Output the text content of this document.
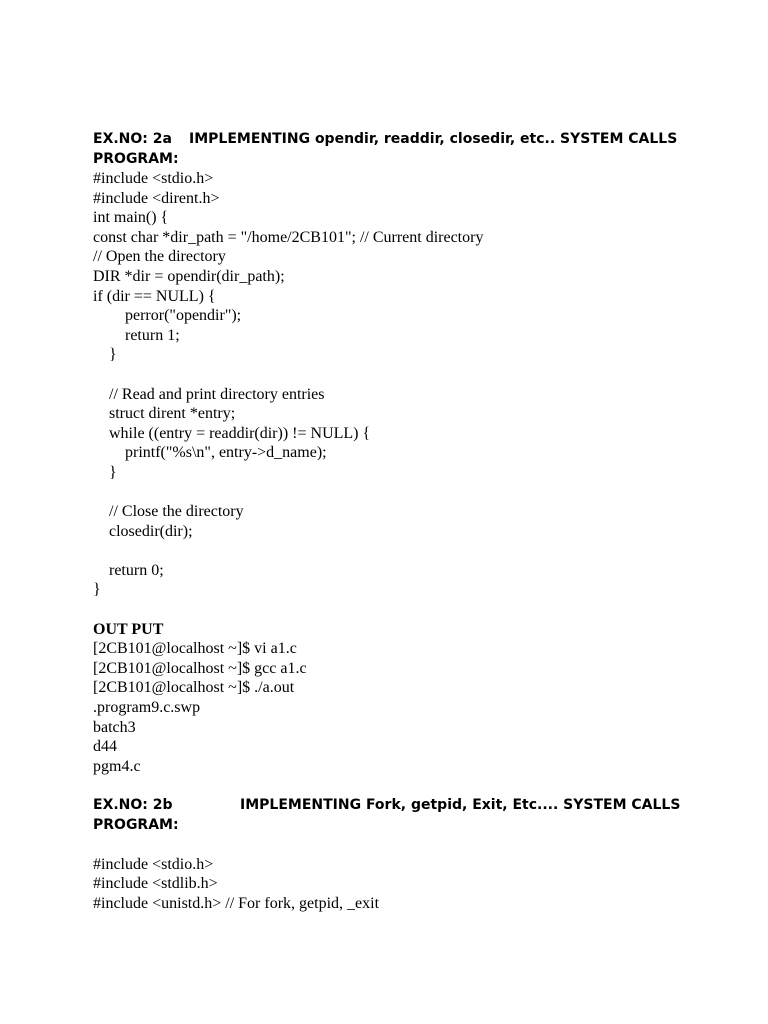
EX.NO: 2a IMPLEMENTING opendir, readdir, closedir, etc.. SYSTEM CALLS
PROGRAM:
#include <stdio.h>
#include <dirent.h>
int main() {
const char *dir_path = "/home/2CB101"; // Current directory
// Open the directory
DIR *dir = opendir(dir_path);
if (dir == NULL) {
perror("opendir");
return 1;
}

// Read and print directory entries
struct dirent *entry;
while ((entry = readdir(dir)) != NULL) {
printf("%s\n", entry->d_name);
}

// Close the directory
closedir(dir);

return 0;
}
OUT PUT
[2CB101@localhost ~]$ vi a1.c
[2CB101@localhost ~]$ gcc a1.c
[2CB101@localhost ~]$ ./a.out
.program9.c.swp
batch3
d44
pgm4.c
EX.NO: 2b	IMPLEMENTING Fork, getpid, Exit, Etc.... SYSTEM CALLS
PROGRAM:
#include <stdio.h>
#include <stdlib.h>
#include <unistd.h> // For fork, getpid, _exit
